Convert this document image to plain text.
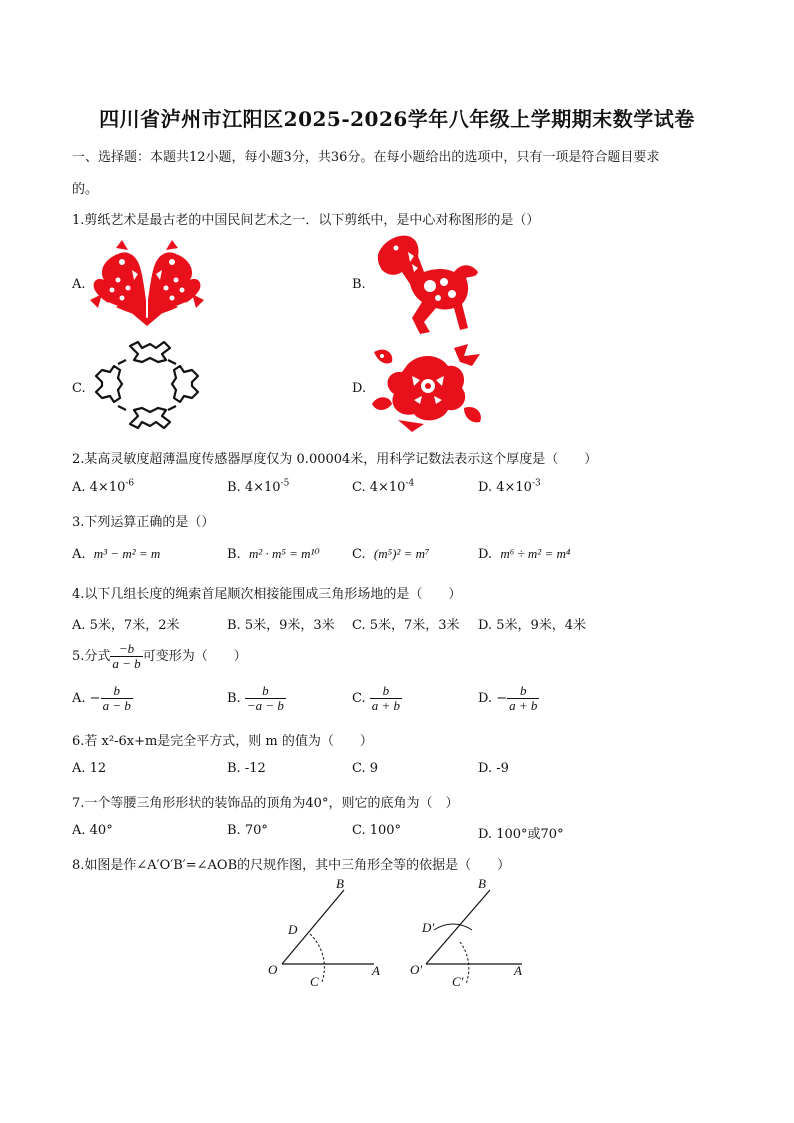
四川省泸州市江阳区2025-2026学年八年级上学期期末数学试卷
一、选择题：本题共12小题，每小题3分，共36分。在每小题给出的选项中，只有一项是符合题目要求
的。
1.剪纸艺术是最古老的中国民间艺术之一．以下剪纸中，是中心对称图形的是（）
A.	B.
C.	D.
2.某高灵敏度超薄温度传感器厚度仅为 0.00004米，用科学记数法表示这个厚度是（　　）
A. $4\times 10^{-6}$	B. $4\times 10^{-5}$	C. $4\times 10^{-4}$	D. $4\times 10^{-3}$
3.下列运算正确的是（）
A. m³ − m² = m	B. m² · m⁵ = m¹⁰ C. (m⁵)² = m⁷	D. m⁶ ÷ m² = m⁴
4.以下几组长度的绳索首尾顺次相接能围成三角形场地的是（　　）
A. 5米，7米，2米	B. 5米，9米，3米 C. 5米，7米，3米 D. 5米，9米，4米
5.分式 $\frac{-b}{a - b}$ 可变形为（　　）
A. − $\frac{b}{a - b}$	B. $\frac{b}{-a - b}$	C. $\frac{b}{a + b}$	D. − $\frac{b}{a + b}$
6.若 x²-6x+m是完全平方式，则 m 的值为（　　）
A. 12	B. -12	C. 9	D. -9
7.一个等腰三角形形状的装饰品的顶角为40°，则它的底角为（　）
A. 40°	B. 70°	C. 100°	D. 100°或70°
8.如图是作∠A′O′B′=∠AOB的尺规作图，其中三角形全等的依据是（　　）
O	A
B
C
D
O′	A
B
C′
D′
